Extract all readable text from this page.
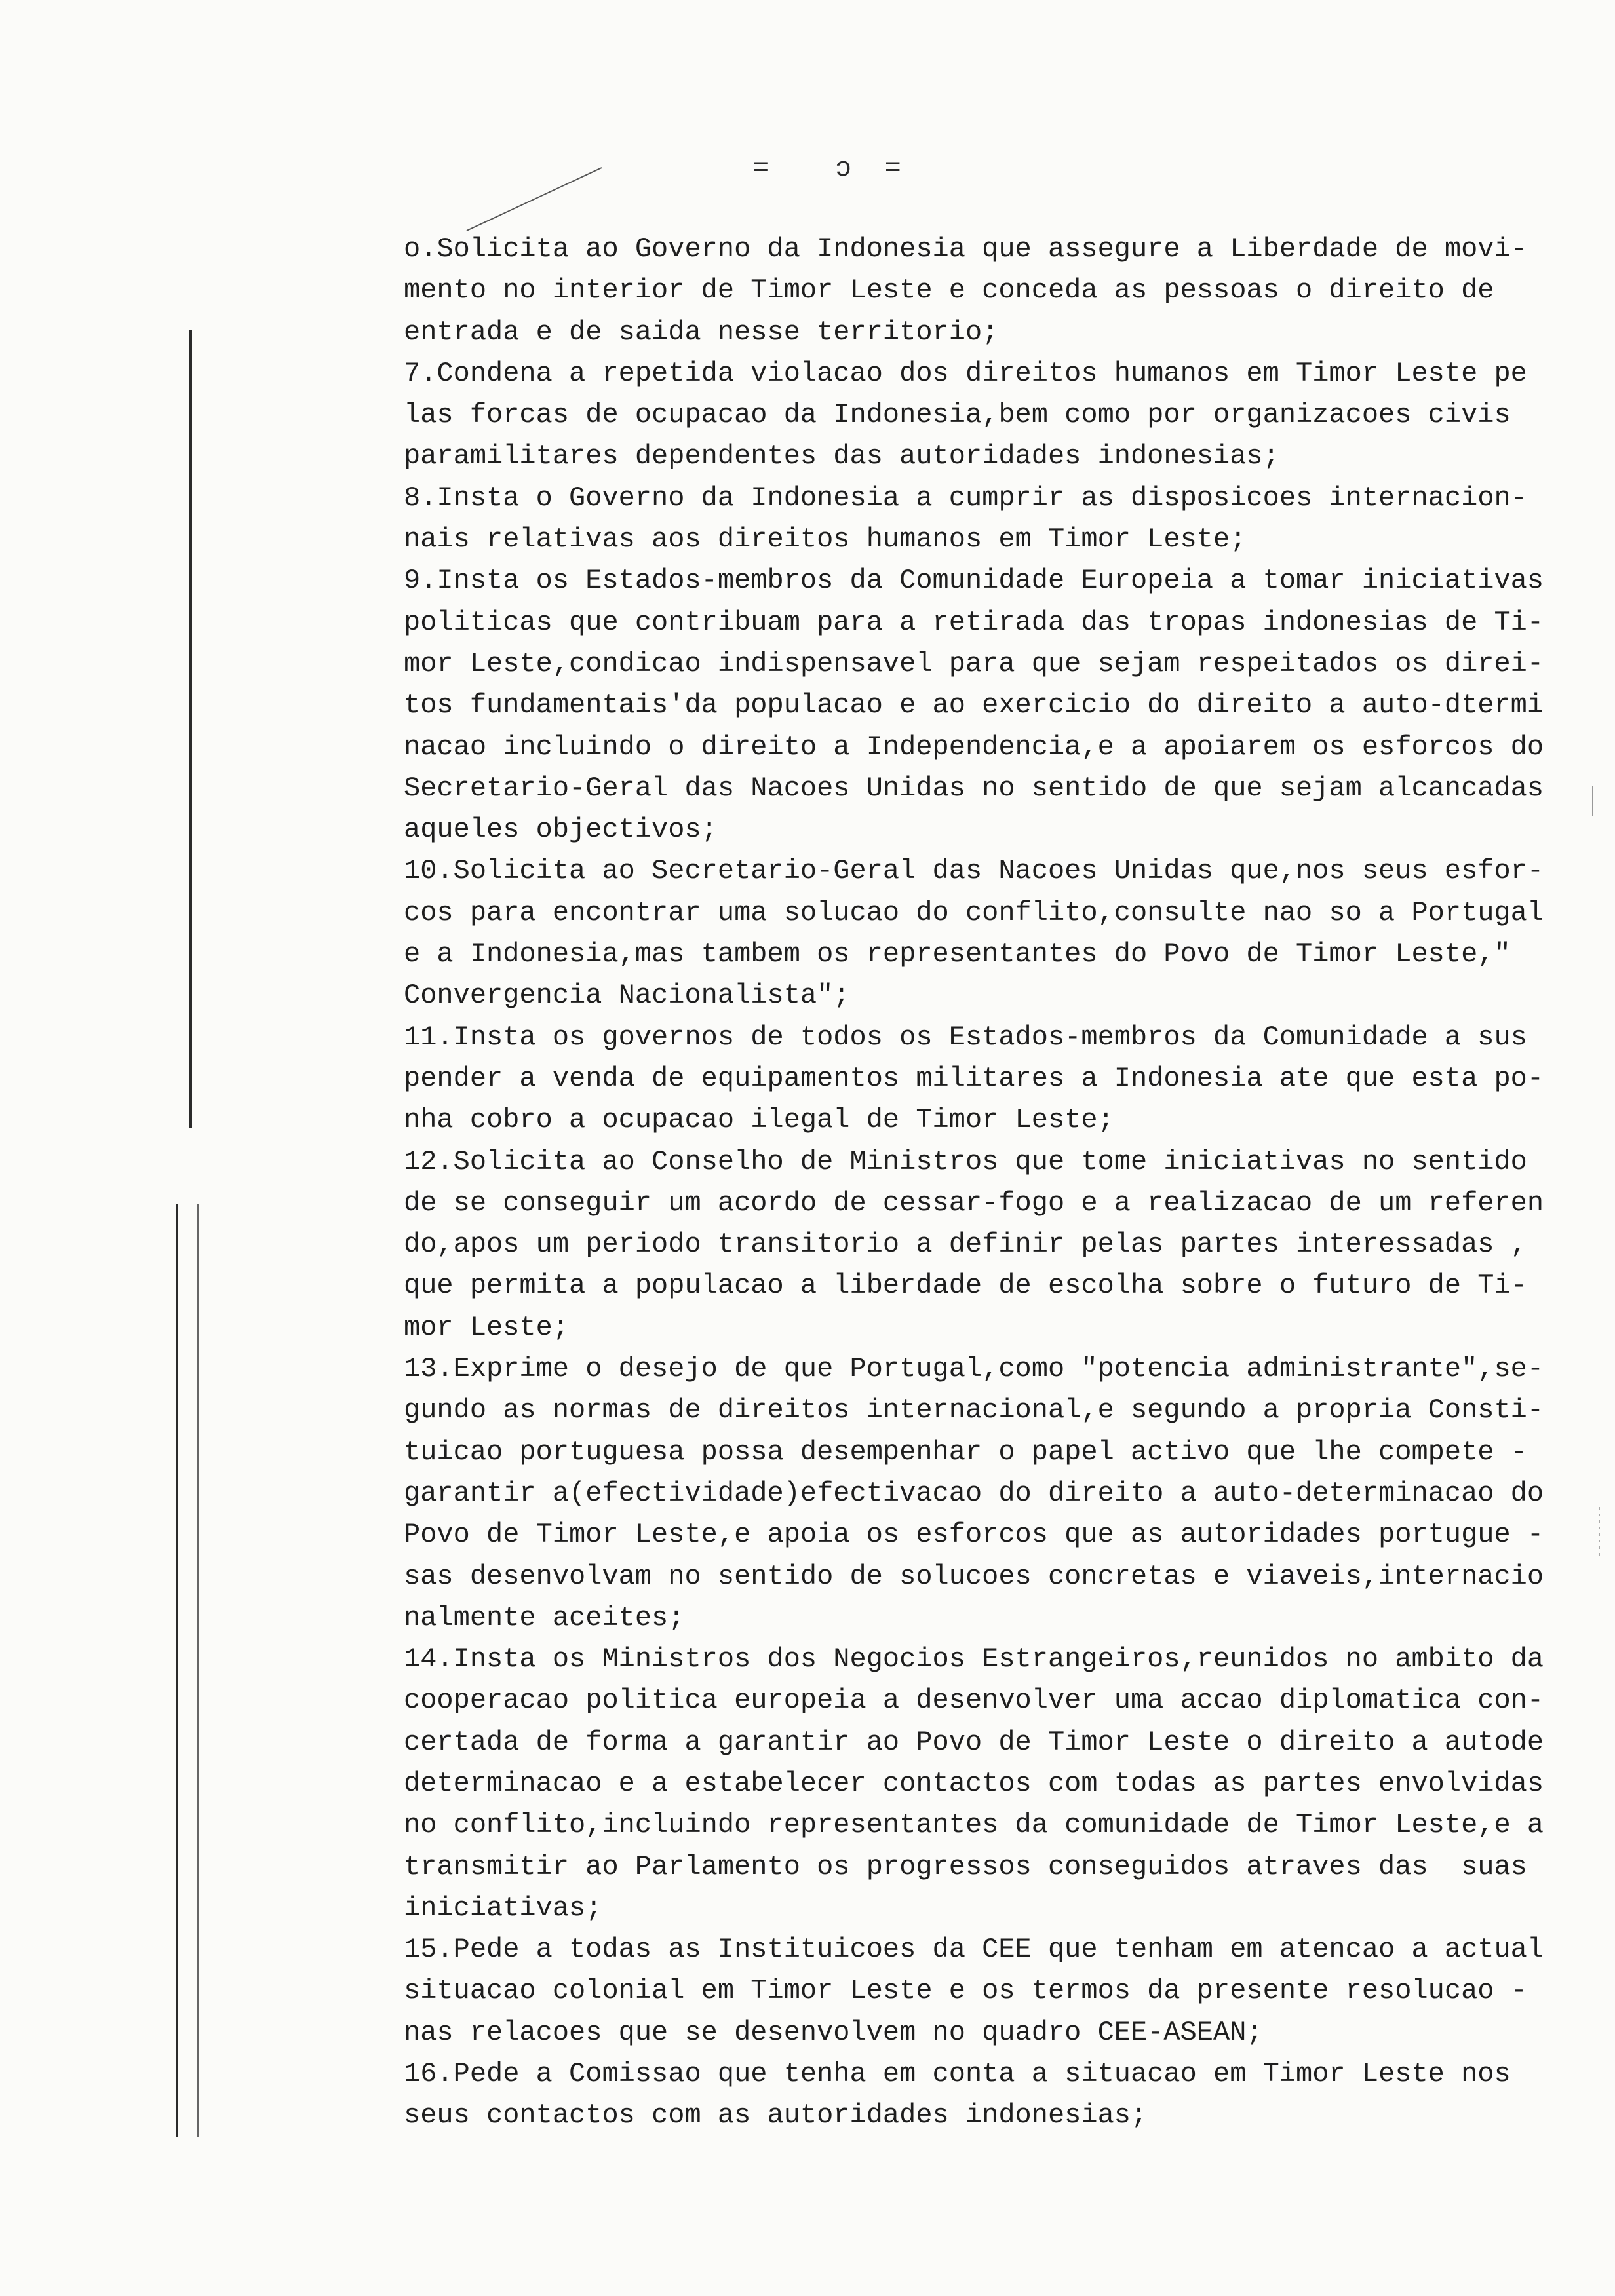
=    ɔ  =
o.Solicita ao Governo da Indonesia que assegure a Liberdade de movi-
mento no interior de Timor Leste e conceda as pessoas o direito de
entrada e de saida nesse territorio;
7.Condena a repetida violacao dos direitos humanos em Timor Leste pe
las forcas de ocupacao da Indonesia,bem como por organizacoes civis
paramilitares dependentes das autoridades indonesias;
8.Insta o Governo da Indonesia a cumprir as disposicoes internacion-
nais relativas aos direitos humanos em Timor Leste;
9.Insta os Estados-membros da Comunidade Europeia a tomar iniciativas
politicas que contribuam para a retirada das tropas indonesias de Ti-
mor Leste,condicao indispensavel para que sejam respeitados os direi-
tos fundamentais'da populacao e ao exercicio do direito a auto-dtermi
nacao incluindo o direito a Independencia,e a apoiarem os esforcos do
Secretario-Geral das Nacoes Unidas no sentido de que sejam alcancadas
aqueles objectivos;
10.Solicita ao Secretario-Geral das Nacoes Unidas que,nos seus esfor-
cos para encontrar uma solucao do conflito,consulte nao so a Portugal
e a Indonesia,mas tambem os representantes do Povo de Timor Leste,"
Convergencia Nacionalista";
11.Insta os governos de todos os Estados-membros da Comunidade a sus
pender a venda de equipamentos militares a Indonesia ate que esta po-
nha cobro a ocupacao ilegal de Timor Leste;
12.Solicita ao Conselho de Ministros que tome iniciativas no sentido
de se conseguir um acordo de cessar-fogo e a realizacao de um referen
do,apos um periodo transitorio a definir pelas partes interessadas ,
que permita a populacao a liberdade de escolha sobre o futuro de Ti-
mor Leste;
13.Exprime o desejo de que Portugal,como "potencia administrante",se-
gundo as normas de direitos internacional,e segundo a propria Consti-
tuicao portuguesa possa desempenhar o papel activo que lhe compete -
garantir a(efectividade)efectivacao do direito a auto-determinacao do
Povo de Timor Leste,e apoia os esforcos que as autoridades portugue -
sas desenvolvam no sentido de solucoes concretas e viaveis,internacio
nalmente aceites;
14.Insta os Ministros dos Negocios Estrangeiros,reunidos no ambito da
cooperacao politica europeia a desenvolver uma accao diplomatica con-
certada de forma a garantir ao Povo de Timor Leste o direito a autode
determinacao e a estabelecer contactos com todas as partes envolvidas
no conflito,incluindo representantes da comunidade de Timor Leste,e a
transmitir ao Parlamento os progressos conseguidos atraves das  suas
iniciativas;
15.Pede a todas as Instituicoes da CEE que tenham em atencao a actual
situacao colonial em Timor Leste e os termos da presente resolucao -
nas relacoes que se desenvolvem no quadro CEE-ASEAN;
16.Pede a Comissao que tenha em conta a situacao em Timor Leste nos
seus contactos com as autoridades indonesias;
